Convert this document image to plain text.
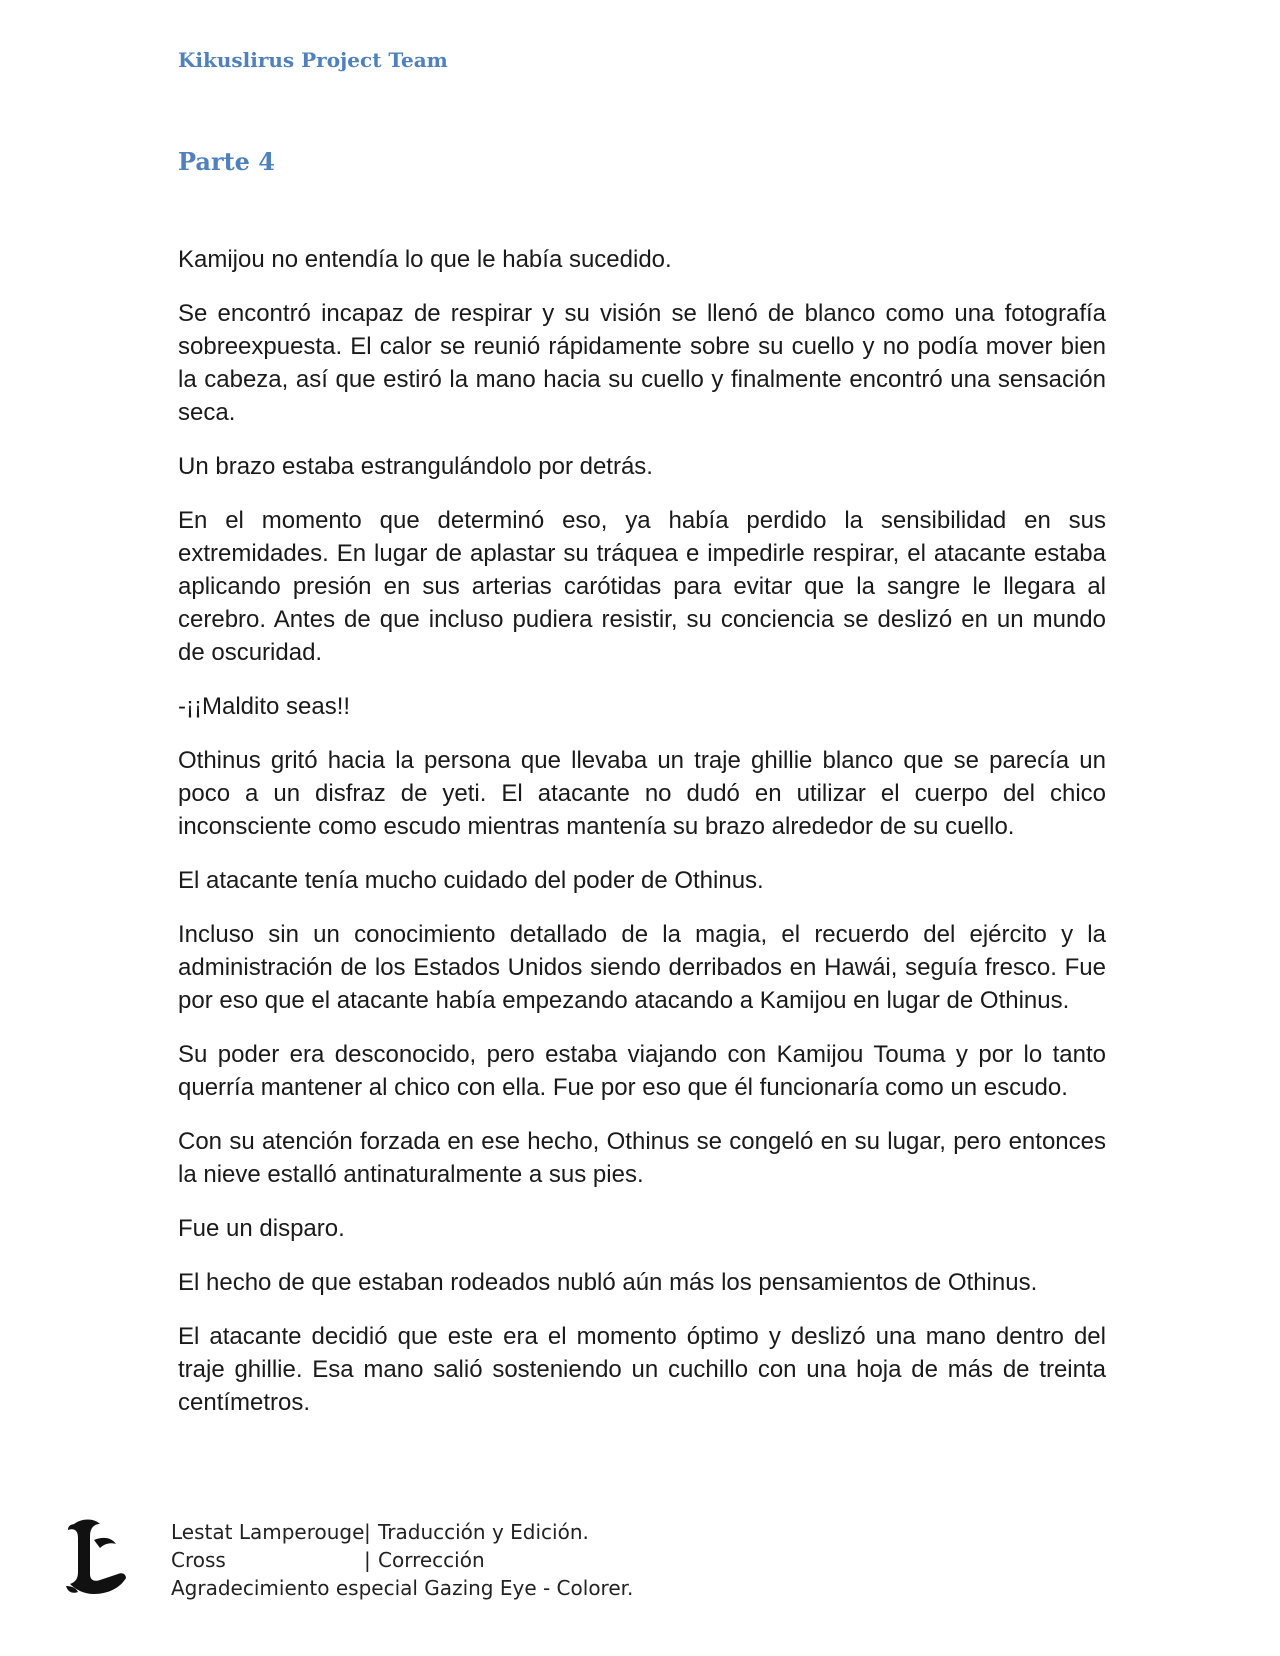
Kikuslirus Project Team
Parte 4

Kamijou no entendía lo que le había sucedido.

Se encontró incapaz de respirar y su visión se llenó de blanco como una fotografía sobreexpuesta. El calor se reunió rápidamente sobre su cuello y no podía mover bien la cabeza, así que estiró la mano hacia su cuello y finalmente encontró una sensación seca.

Un brazo estaba estrangulándolo por detrás.

En el momento que determinó eso, ya había perdido la sensibilidad en sus extremidades. En lugar de aplastar su tráquea e impedirle respirar, el atacante estaba aplicando presión en sus arterias carótidas para evitar que la sangre le llegara al cerebro. Antes de que incluso pudiera resistir, su conciencia se deslizó en un mundo de oscuridad.

-¡¡Maldito seas!!

Othinus gritó hacia la persona que llevaba un traje ghillie blanco que se parecía un poco a un disfraz de yeti. El atacante no dudó en utilizar el cuerpo del chico inconsciente como escudo mientras mantenía su brazo alrededor de su cuello.

El atacante tenía mucho cuidado del poder de Othinus.

Incluso sin un conocimiento detallado de la magia, el recuerdo del ejército y la administración de los Estados Unidos siendo derribados en Hawái, seguía fresco. Fue por eso que el atacante había empezando atacando a Kamijou en lugar de Othinus.

Su poder era desconocido, pero estaba viajando con Kamijou Touma y por lo tanto querría mantener al chico con ella. Fue por eso que él funcionaría como un escudo.

Con su atención forzada en ese hecho, Othinus se congeló en su lugar, pero entonces la nieve estalló antinaturalmente a sus pies.

Fue un disparo.

El hecho de que estaban rodeados nubló aún más los pensamientos de Othinus.

El atacante decidió que este era el momento óptimo y deslizó una mano dentro del traje ghillie. Esa mano salió sosteniendo un cuchillo con una hoja de más de treinta centímetros.

Lestat Lamperouge | Traducción y Edición.
Cross	| Corrección
Agradecimiento especial Gazing Eye - Colorer.
